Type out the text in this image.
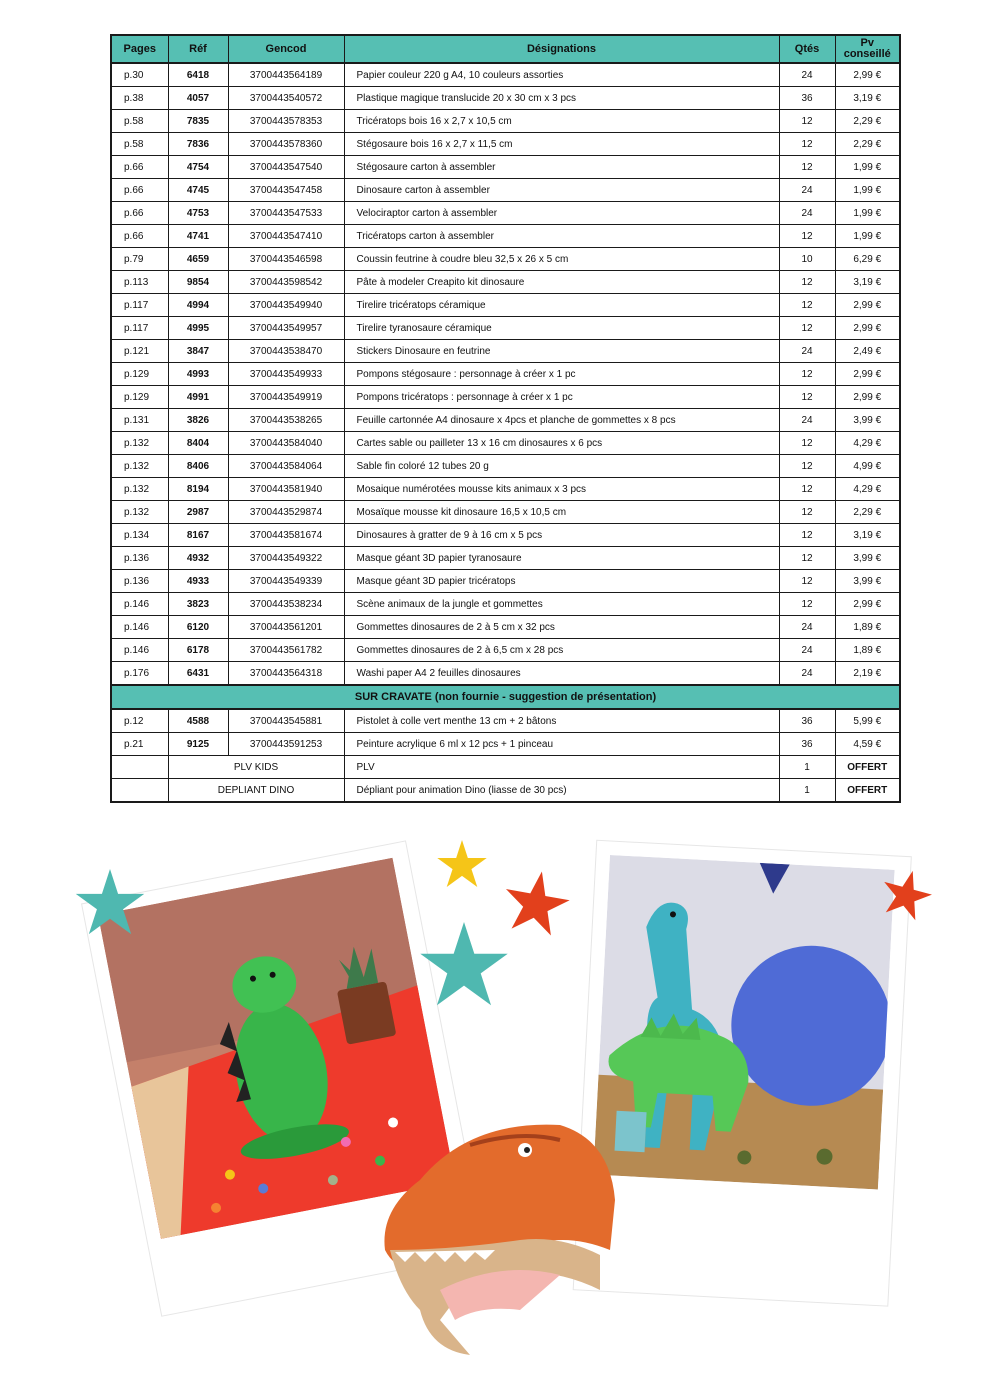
Pages	Réf	Gencod	Désignations	Qtés	Pv
conseillé
p.30	6418	3700443564189	Papier couleur 220 g A4, 10 couleurs assorties	24	2,99 €
p.38	4057	3700443540572	Plastique magique translucide 20 x 30 cm x 3 pcs	36	3,19 €
p.58	7835	3700443578353	Tricératops bois 16 x 2,7 x 10,5 cm	12	2,29 €
p.58	7836	3700443578360	Stégosaure bois 16 x 2,7 x 11,5 cm	12	2,29 €
p.66	4754	3700443547540	Stégosaure carton à assembler	12	1,99 €
p.66	4745	3700443547458	Dinosaure carton à assembler	24	1,99 €
p.66	4753	3700443547533	Velociraptor carton à assembler	24	1,99 €
p.66	4741	3700443547410	Tricératops carton à assembler	12	1,99 €
p.79	4659	3700443546598	Coussin feutrine à coudre bleu 32,5 x 26 x 5 cm	10	6,29 €
p.113	9854	3700443598542	Pâte à modeler Creapito kit dinosaure	12	3,19 €
p.117	4994	3700443549940	Tirelire tricératops céramique	12	2,99 €
p.117	4995	3700443549957	Tirelire tyranosaure céramique	12	2,99 €
p.121	3847	3700443538470	Stickers Dinosaure en feutrine	24	2,49 €
p.129	4993	3700443549933	Pompons stégosaure : personnage à créer x 1 pc	12	2,99 €
p.129	4991	3700443549919	Pompons tricératops : personnage à créer x 1 pc	12	2,99 €
p.131	3826	3700443538265	Feuille cartonnée A4 dinosaure x 4pcs et planche de gommettes x 8 pcs	24	3,99 €
p.132	8404	3700443584040	Cartes sable ou pailleter 13 x 16 cm dinosaures x 6 pcs	12	4,29 €
p.132	8406	3700443584064	Sable fin coloré 12 tubes 20 g	12	4,99 €
p.132	8194	3700443581940	Mosaique numérotées mousse kits animaux x 3 pcs	12	4,29 €
p.132	2987	3700443529874	Mosaïque mousse kit dinosaure 16,5 x 10,5 cm	12	2,29 €
p.134	8167	3700443581674	Dinosaures à gratter de 9 à 16 cm x 5 pcs	12	3,19 €
p.136	4932	3700443549322	Masque géant 3D papier tyranosaure	12	3,99 €
p.136	4933	3700443549339	Masque géant 3D papier tricératops	12	3,99 €
p.146	3823	3700443538234	Scène animaux de la jungle et gommettes	12	2,99 €
p.146	6120	3700443561201	Gommettes dinosaures de 2 à 5 cm x 32 pcs	24	1,89 €
p.146	6178	3700443561782	Gommettes dinosaures de 2 à 6,5 cm x 28 pcs	24	1,89 €
p.176	6431	3700443564318	Washi paper A4 2 feuilles dinosaures	24	2,19 €
SUR CRAVATE (non fournie - suggestion de présentation)					
p.12	4588	3700443545881	Pistolet à colle vert menthe 13 cm + 2 bâtons	36	5,99 €
p.21	9125	3700443591253	Peinture acrylique 6 ml x 12 pcs + 1 pinceau	36	4,59 €
	PLV KIDS		PLV	1	OFFERT
	DEPLIANT DINO		Dépliant pour animation Dino (liasse de 30 pcs)	1	OFFERT
